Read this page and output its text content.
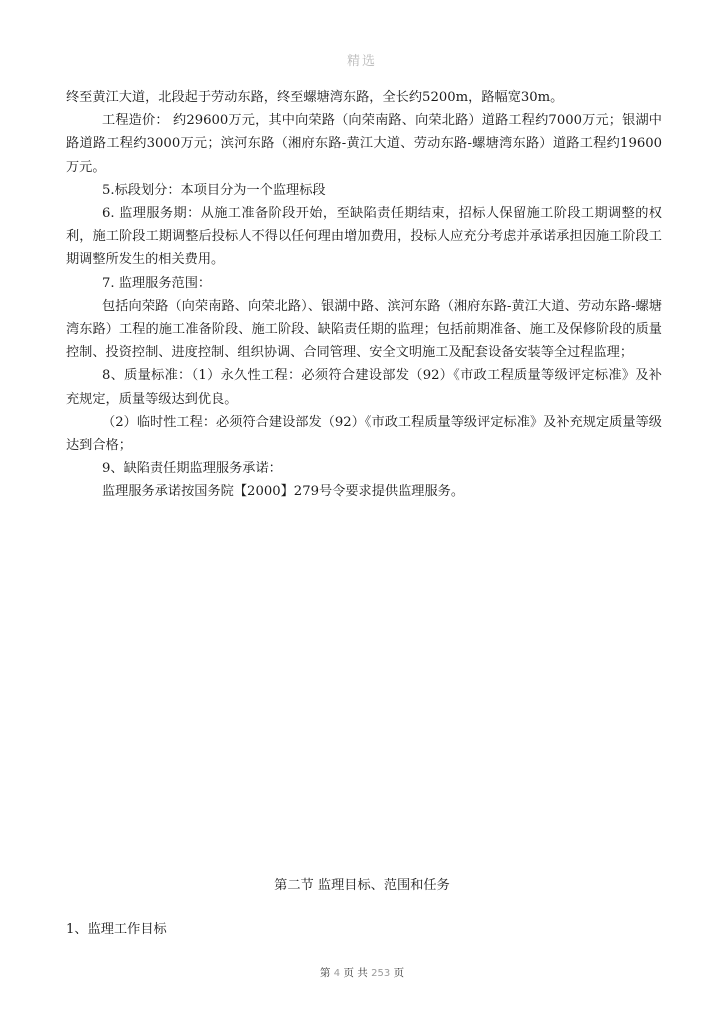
精选

终至黄江大道，北段起于劳动东路，终至螺塘湾东路，全长约5200m，路幅宽30m。

工程造价： 约29600万元，其中向荣路（向荣南路、向荣北路）道路工程约7000万元；银湖中路道路工程约3000万元；滨河东路（湘府东路-黄江大道、劳动东路-螺塘湾东路）道路工程约19600万元。

5.标段划分：本项目分为一个监理标段

6. 监理服务期：从施工准备阶段开始，至缺陷责任期结束，招标人保留施工阶段工期调整的权利，施工阶段工期调整后投标人不得以任何理由增加费用，投标人应充分考虑并承诺承担因施工阶段工期调整所发生的相关费用。

7. 监理服务范围：

包括向荣路（向荣南路、向荣北路）、银湖中路、滨河东路（湘府东路-黄江大道、劳动东路-螺塘湾东路）工程的施工准备阶段、施工阶段、缺陷责任期的监理；包括前期准备、施工及保修阶段的质量控制、投资控制、进度控制、组织协调、合同管理、安全文明施工及配套设备安装等全过程监理；

8、质量标准：（1）永久性工程：必须符合建设部发（92）《市政工程质量等级评定标准》及补充规定，质量等级达到优良。

（2）临时性工程：必须符合建设部发（92）《市政工程质量等级评定标准》及补充规定质量等级达到合格；

9、缺陷责任期监理服务承诺：

监理服务承诺按国务院【2000】279号令要求提供监理服务。

第二节 监理目标、范围和任务
1、监理工作目标
第 4 页 共 253 页
